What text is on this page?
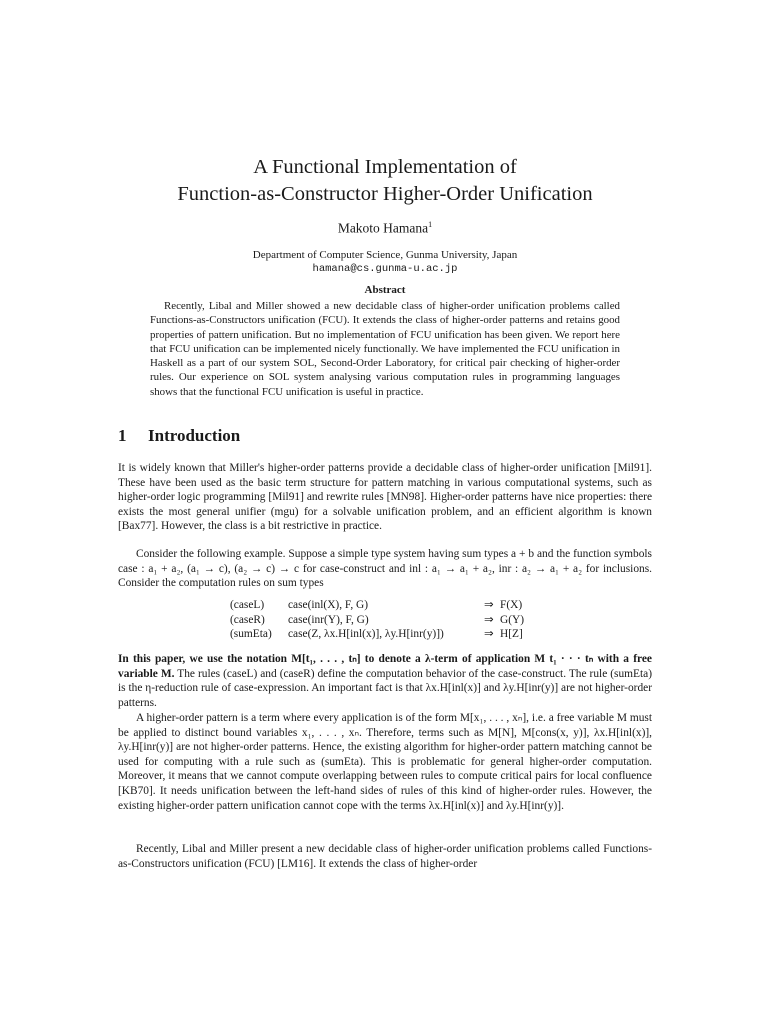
A Functional Implementation of
Function-as-Constructor Higher-Order Unification
Makoto Hamana$^1$
Department of Computer Science, Gunma University, Japan
hamana@cs.gunma-u.ac.jp
Abstract
Recently, Libal and Miller showed a new decidable class of higher-order unification problems called Functions-as-Constructors unification (FCU). It extends the class of higher-order patterns and retains good properties of pattern unification. But no implementation of FCU unification has been given. We report here that FCU unification can be implemented nicely functionally. We have implemented the FCU unification in Haskell as a part of our system SOL, Second-Order Laboratory, for critical pair checking of higher-order rules. Our experience on SOL system analysing various computation rules in programming languages shows that the functional FCU unification is useful in practice.
1 Introduction
It is widely known that Miller's higher-order patterns provide a decidable class of higher-order unification [Mil91]. These have been used as the basic term structure for pattern matching in various computational systems, such as higher-order logic programming [Mil91] and rewrite rules [MN98]. Higher-order patterns have nice properties: there exists the most general unifier (mgu) for a solvable unification problem, and an efficient algorithm is known [Bax77]. However, the class is a bit restrictive in practice.
Consider the following example. Suppose a simple type system having sum types a + b and the function symbols case : a₁ + a₂, (a₁ → c), (a₂ → c) → c for case-construct and inl : a₁ → a₁ + a₂, inr : a₂ → a₁ + a₂ for inclusions. Consider the computation rules on sum types
(caseL)	case(inl(X), F, G)	⇒ F(X)
(caseR)	case(inr(Y), F, G)	⇒ G(Y)
(sumEta)	case(Z, λx.H[inl(x)], λy.H[inr(y)])	⇒ H[Z]
In this paper, we use the notation M[t₁, . . . , tₙ] to denote a λ-term of application M t₁ · · · tₙ with a free variable M. The rules (caseL) and (caseR) define the computation behavior of the case-construct. The rule (sumEta) is the η-reduction rule of case-expression. An important fact is that λx.H[inl(x)] and λy.H[inr(y)] are not higher-order patterns.
A higher-order pattern is a term where every application is of the form M[x₁, . . . , xₙ], i.e. a free variable M must be applied to distinct bound variables x₁, . . . , xₙ. Therefore, terms such as M[N], M[cons(x, y)], λx.H[inl(x)], λy.H[inr(y)] are not higher-order patterns. Hence, the existing algorithm for higher-order pattern matching cannot be used for computing with a rule such as (sumEta). This is problematic for general higher-order computation. Moreover, it means that we cannot compute overlapping between rules to compute critical pairs for local confluence [KB70]. It needs unification between the left-hand sides of rules of this kind of higher-order rules. However, the existing higher-order pattern unification cannot cope with the terms λx.H[inl(x)] and λy.H[inr(y)].
Recently, Libal and Miller present a new decidable class of higher-order unification problems called Functions-as-Constructors unification (FCU) [LM16]. It extends the class of higher-order
